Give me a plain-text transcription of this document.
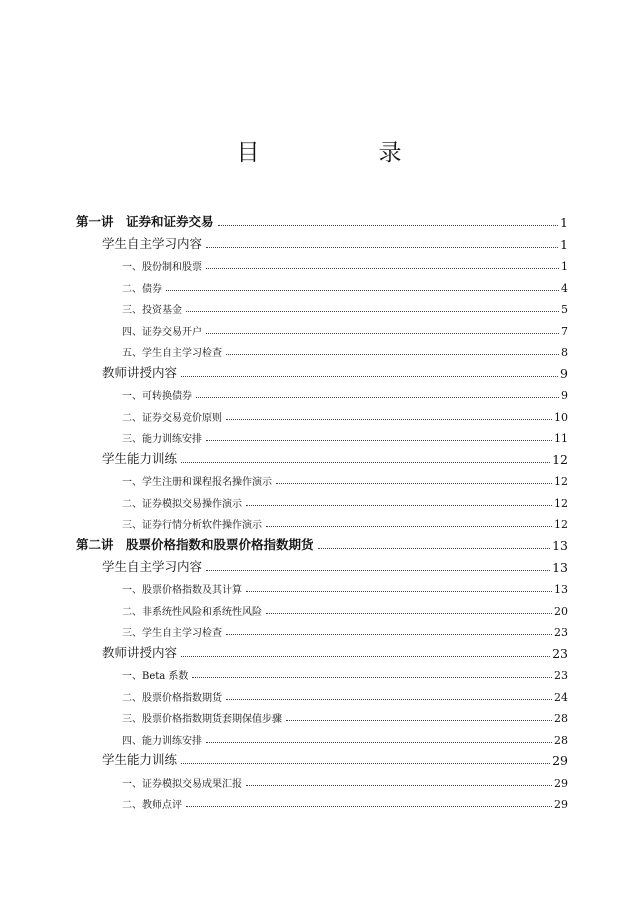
目　录
第一讲　证券和证券交易	1
学生自主学习内容	1
一、股份制和股票	1
二、债券	4
三、投资基金	5
四、证券交易开户	7
五、学生自主学习检查	8
教师讲授内容	9
一、可转换债券	9
二、证券交易竞价原则	10
三、能力训练安排	11
学生能力训练	12
一、学生注册和课程报名操作演示	12
二、证券模拟交易操作演示	12
三、证券行情分析软件操作演示	12
第二讲　股票价格指数和股票价格指数期货	13
学生自主学习内容	13
一、股票价格指数及其计算	13
二、非系统性风险和系统性风险	20
三、学生自主学习检查	23
教师讲授内容	23
一、Beta 系数	23
二、股票价格指数期货	24
三、股票价格指数期货套期保值步骤	28
四、能力训练安排	28
学生能力训练	29
一、证券模拟交易成果汇报	29
二、教师点评	29
